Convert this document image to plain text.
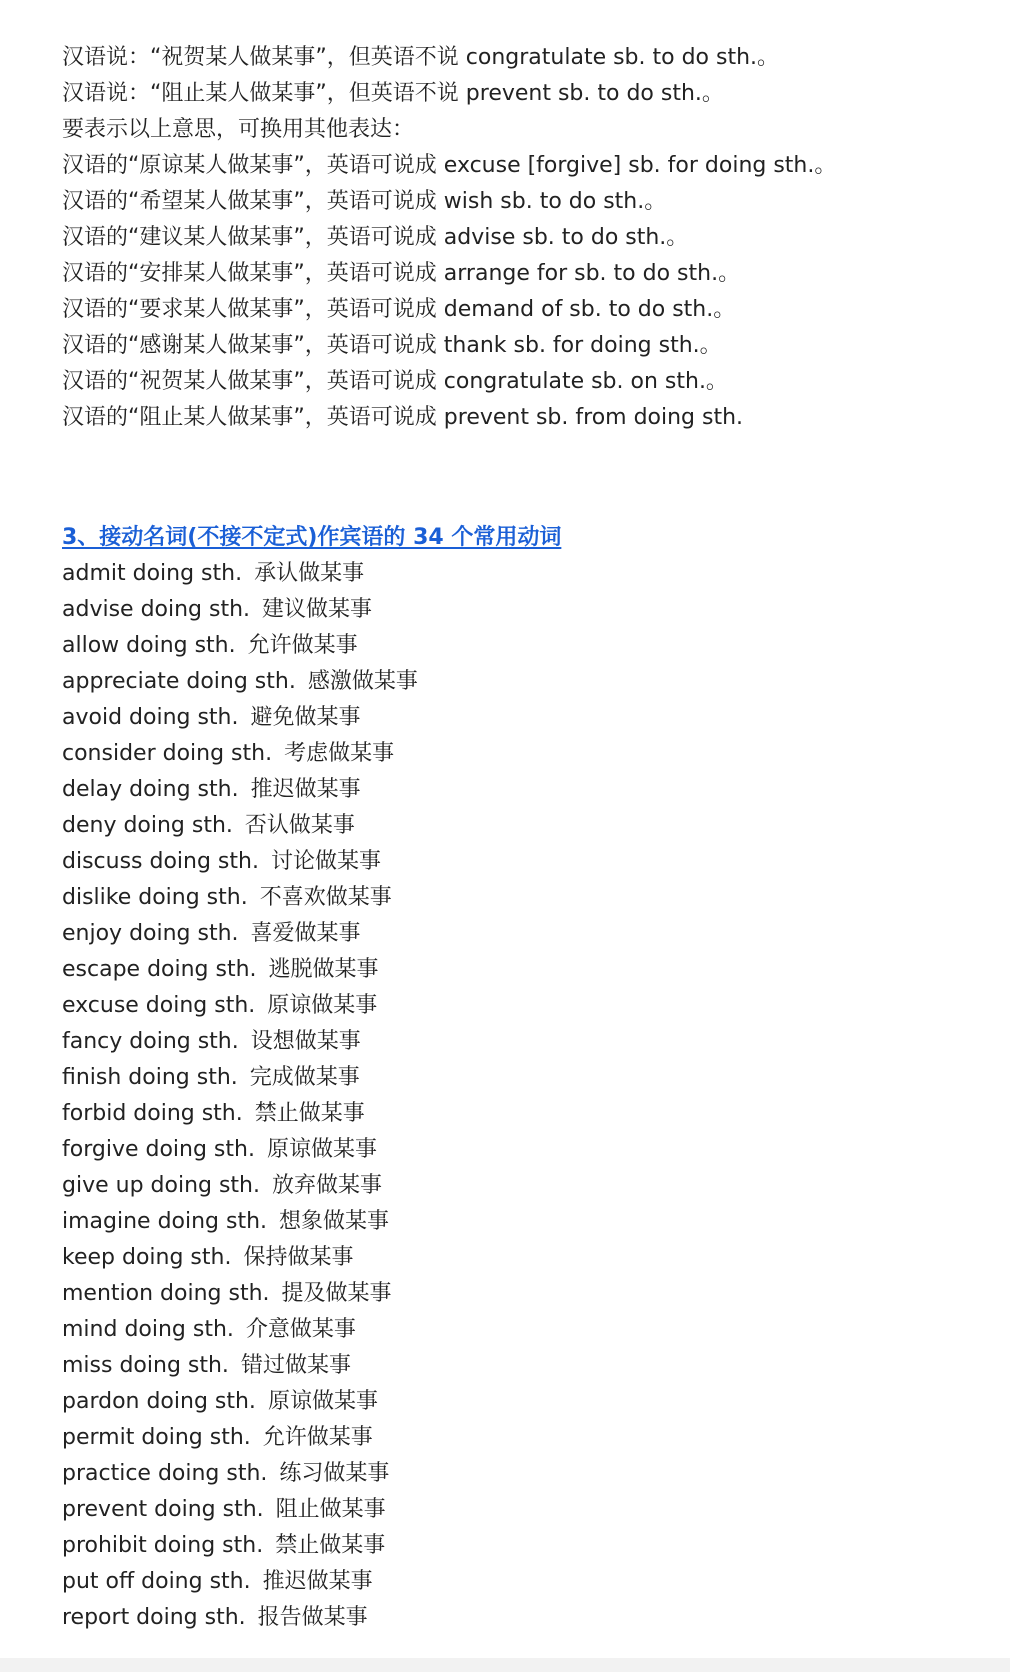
汉语说：“祝贺某人做某事”，但英语不说 congratulate sb. to do sth.。
汉语说：“阻止某人做某事”，但英语不说 prevent sb. to do sth.。
要表示以上意思，可换用其他表达：
汉语的“原谅某人做某事”，英语可说成 excuse [forgive] sb. for doing sth.。
汉语的“希望某人做某事”，英语可说成 wish sb. to do sth.。
汉语的“建议某人做某事”，英语可说成 advise sb. to do sth.。
汉语的“安排某人做某事”，英语可说成 arrange for sb. to do sth.。
汉语的“要求某人做某事”，英语可说成 demand of sb. to do sth.。
汉语的“感谢某人做某事”，英语可说成 thank sb. for doing sth.。
汉语的“祝贺某人做某事”，英语可说成 congratulate sb. on sth.。
汉语的“阻止某人做某事”，英语可说成 prevent sb. from doing sth.
3、接动名词(不接不定式)作宾语的 34 个常用动词
admit doing sth. 承认做某事
advise doing sth. 建议做某事
allow doing sth. 允许做某事
appreciate doing sth. 感激做某事
avoid doing sth. 避免做某事
consider doing sth. 考虑做某事
delay doing sth. 推迟做某事
deny doing sth. 否认做某事
discuss doing sth. 讨论做某事
dislike doing sth. 不喜欢做某事
enjoy doing sth. 喜爱做某事
escape doing sth. 逃脱做某事
excuse doing sth. 原谅做某事
fancy doing sth. 设想做某事
finish doing sth. 完成做某事
forbid doing sth. 禁止做某事
forgive doing sth. 原谅做某事
give up doing sth. 放弃做某事
imagine doing sth. 想象做某事
keep doing sth. 保持做某事
mention doing sth. 提及做某事
mind doing sth. 介意做某事
miss doing sth. 错过做某事
pardon doing sth. 原谅做某事
permit doing sth. 允许做某事
practice doing sth. 练习做某事
prevent doing sth. 阻止做某事
prohibit doing sth. 禁止做某事
put off doing sth. 推迟做某事
report doing sth. 报告做某事
